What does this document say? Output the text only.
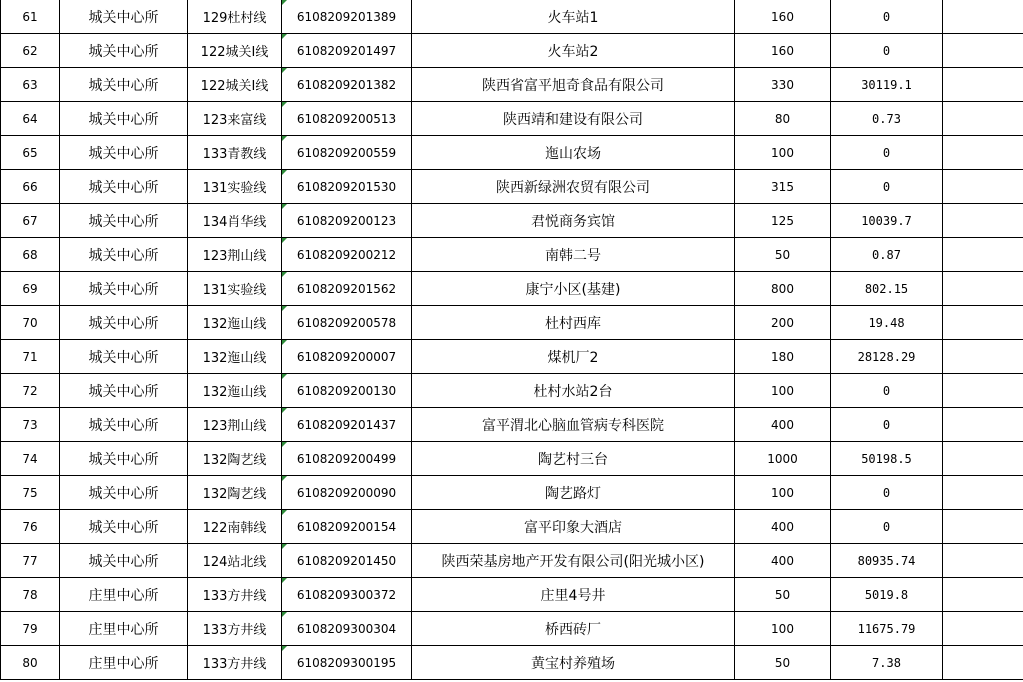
61	城关中心所	129杜村线	6108209201389	火车站1	160	0	
62	城关中心所	122城关Ⅰ线	6108209201497	火车站2	160	0	
63	城关中心所	122城关Ⅰ线	6108209201382	陕西省富平旭奇食品有限公司	330	30119.1	
64	城关中心所	123来富线	6108209200513	陕西靖和建设有限公司	80	0.73	
65	城关中心所	133青教线	6108209200559	迤山农场	100	0	
66	城关中心所	131实验线	6108209201530	陕西新绿洲农贸有限公司	315	0	
67	城关中心所	134肖华线	6108209200123	君悦商务宾馆	125	10039.7	
68	城关中心所	123荆山线	6108209200212	南韩二号	50	0.87	
69	城关中心所	131实验线	6108209201562	康宁小区(基建)	800	802.15	
70	城关中心所	132迤山线	6108209200578	杜村西库	200	19.48	
71	城关中心所	132迤山线	6108209200007	煤机厂2	180	28128.29	
72	城关中心所	132迤山线	6108209200130	杜村水站2台	100	0	
73	城关中心所	123荆山线	6108209201437	富平渭北心脑血管病专科医院	400	0	
74	城关中心所	132陶艺线	6108209200499	陶艺村三台	1000	50198.5	
75	城关中心所	132陶艺线	6108209200090	陶艺路灯	100	0	
76	城关中心所	122南韩线	6108209200154	富平印象大酒店	400	0	
77	城关中心所	124站北线	6108209201450	陕西荣基房地产开发有限公司(阳光城小区)	400	80935.74	
78	庄里中心所	133方井线	6108209300372	庄里4号井	50	5019.8	
79	庄里中心所	133方井线	6108209300304	桥西砖厂	100	11675.79	
80	庄里中心所	133方井线	6108209300195	黄宝村养殖场	50	7.38	
